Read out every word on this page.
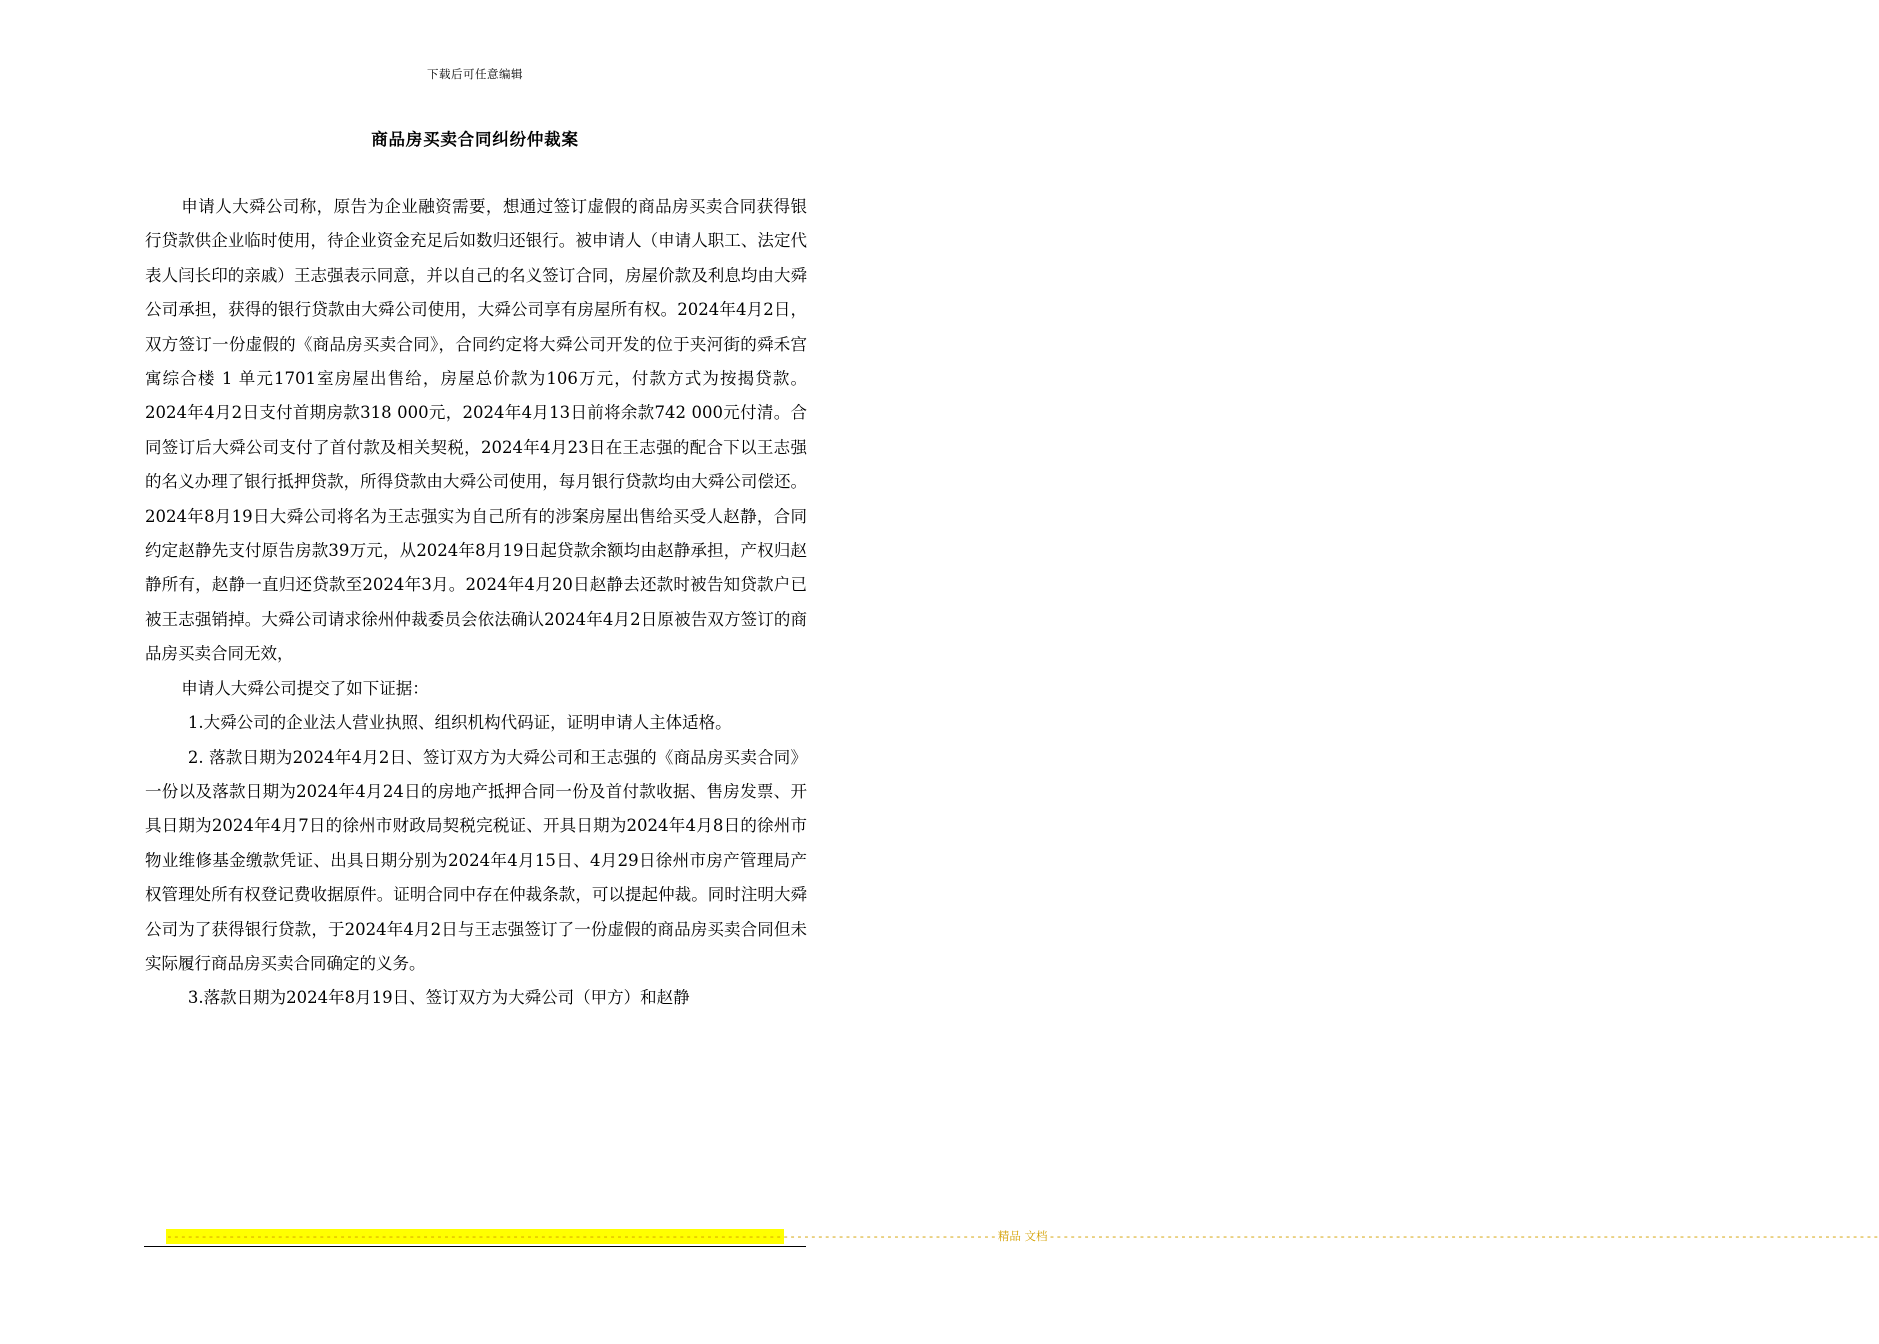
下载后可任意编辑
商品房买卖合同纠纷仲裁案

申请人大舜公司称，原告为企业融资需要，想通过签订虚假的商品房买卖合同获得银行贷款供企业临时使用，待企业资金充足后如数归还银行。被申请人（申请人职工、法定代表人闫长印的亲戚）王志强表示同意，并以自己的名义签订合同，房屋价款及利息均由大舜公司承担，获得的银行贷款由大舜公司使用，大舜公司享有房屋所有权。2024年4月2日，双方签订一份虚假的《商品房买卖合同》，合同约定将大舜公司开发的位于夹河街的舜禾宫寓综合楼 1 单元1701室房屋出售给，房屋总价款为106万元，付款方式为按揭贷款。2024年4月2日支付首期房款318 000元，2024年4月13日前将余款742 000元付清。合同签订后大舜公司支付了首付款及相关契税，2024年4月23日在王志强的配合下以王志强的名义办理了银行抵押贷款，所得贷款由大舜公司使用，每月银行贷款均由大舜公司偿还。2024年8月19日大舜公司将名为王志强实为自己所有的涉案房屋出售给买受人赵静，合同约定赵静先支付原告房款39万元，从2024年8月19日起贷款余额均由赵静承担，产权归赵静所有，赵静一直归还贷款至2024年3月。2024年4月20日赵静去还款时被告知贷款户已被王志强销掉。大舜公司请求徐州仲裁委员会依法确认2024年4月2日原被告双方签订的商品房买卖合同无效，

申请人大舜公司提交了如下证据：

1.大舜公司的企业法人营业执照、组织机构代码证，证明申请人主体适格。

2. 落款日期为2024年4月2日、签订双方为大舜公司和王志强的《商品房买卖合同》一份以及落款日期为2024年4月24日的房地产抵押合同一份及首付款收据、售房发票、开具日期为2024年4月7日的徐州市财政局契税完税证、开具日期为2024年4月8日的徐州市物业维修基金缴款凭证、出具日期分别为2024年4月15日、4月29日徐州市房产管理局产权管理处所有权登记费收据原件。证明合同中存在仲裁条款，可以提起仲裁。同时注明大舜公司为了获得银行贷款，于2024年4月2日与王志强签订了一份虚假的商品房买卖合同但未实际履行商品房买卖合同确定的义务。

3.落款日期为2024年8月19日、签订双方为大舜公司（甲方）和赵静

------------------------------------------------------------------------------------------------------------------------ 精品 文档 ------------------------------------------------------------------------------------------------------------------------
